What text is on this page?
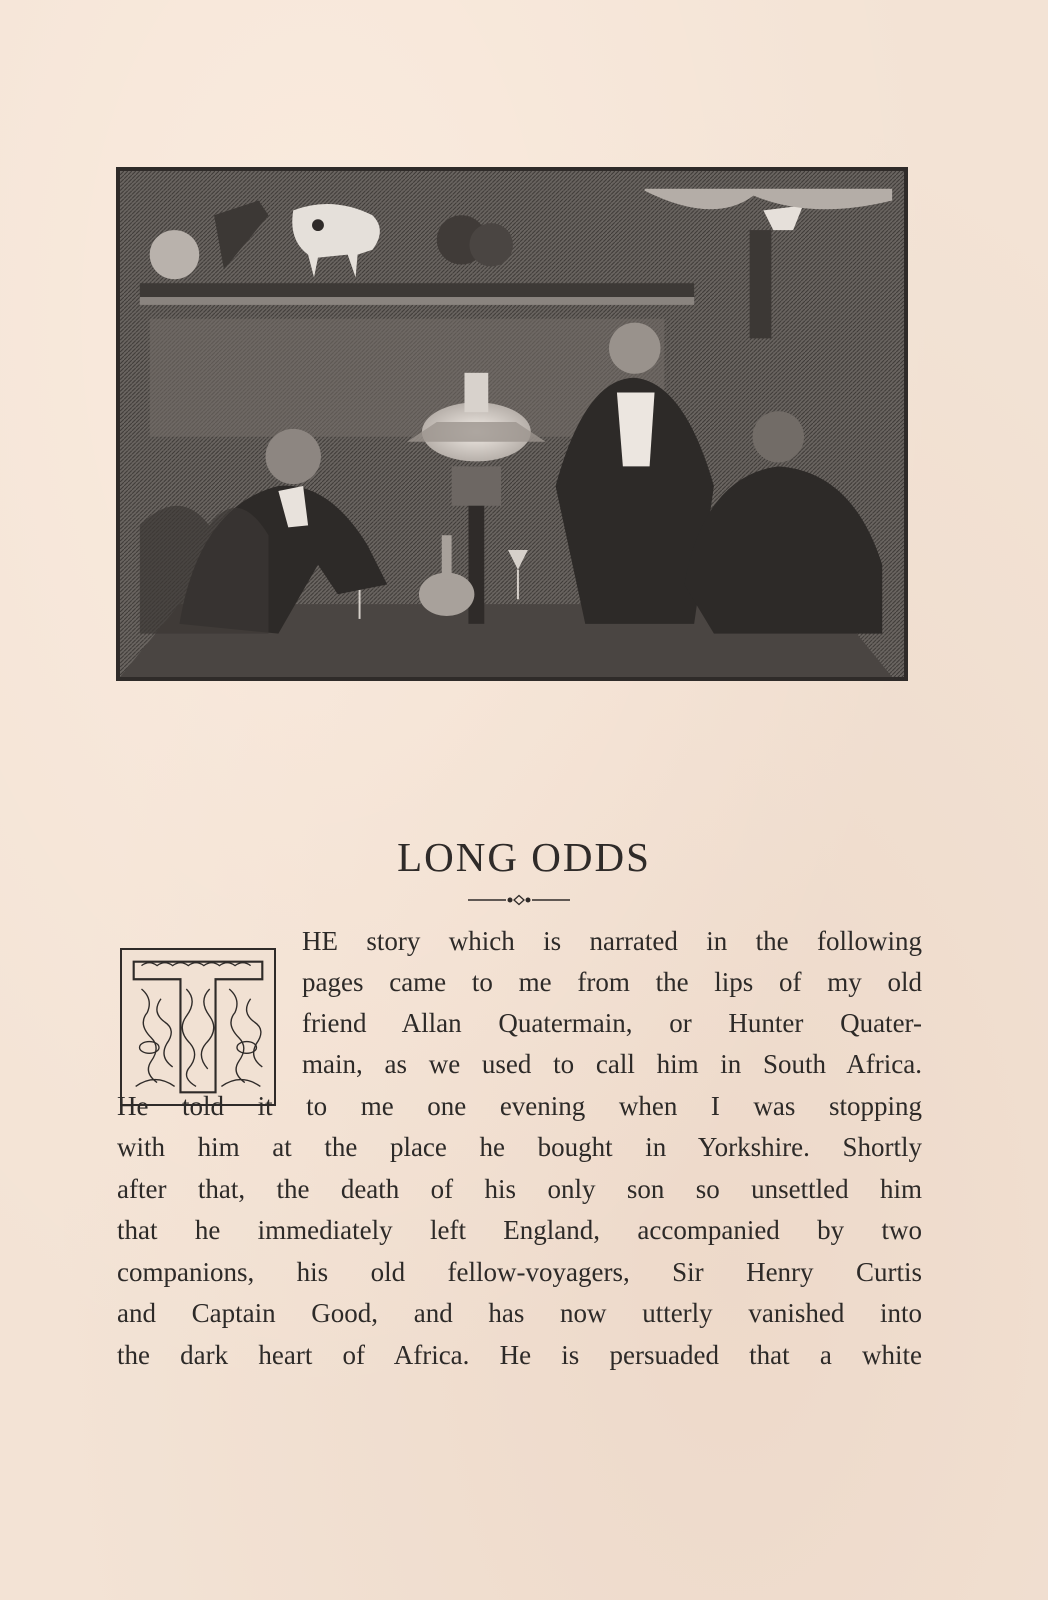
LONG ODDS
HE story which is narrated in the following
pages came to me from the lips of my old
friend Allan Quatermain, or Hunter Quater-
main, as we used to call him in South Africa.
He told it to me one evening when I was stopping
with him at the place he bought in Yorkshire. Shortly
after that, the death of his only son so unsettled him
that he immediately left England, accompanied by two
companions, his old fellow-voyagers, Sir Henry Curtis
and Captain Good, and has now utterly vanished into
the dark heart of Africa. He is persuaded that a white
